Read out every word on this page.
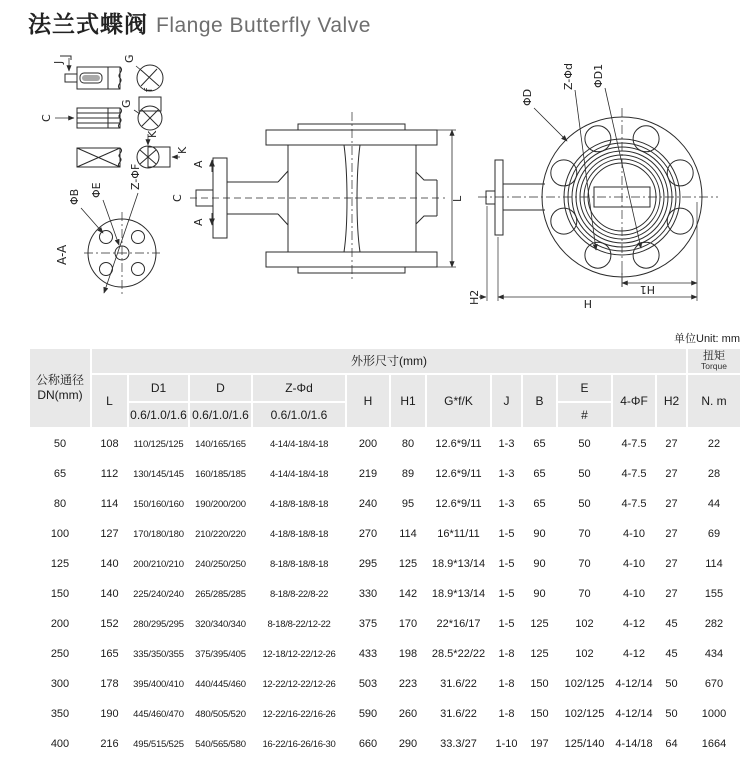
法兰式蝶阀 Flange Butterfly Valve
J	G
C
G
f
K
K
A-A
ΦB ΦE
Z-ΦF	A
A
C	L
ΦD
Z-Φd ΦD1
H
H1
H2
单位Unit: mm
公称通径
DN(mm)	外形尺寸(mm)												扭矩
Torque

	L	D1	D	Z-Φd	H	H1	G*f/K	J	B	E	4-ΦF	H2	N. m
		0.6/1.0/1.6	0.6/1.0/1.6	0.6/1.0/1.6						#			
50	108	110/125/125	140/165/165	4-14/4-18/4-18	200	80	12.6*9/11	1-3	65	50	4-7.5	27	22
65	112	130/145/145	160/185/185	4-14/4-18/4-18	219	89	12.6*9/11	1-3	65	50	4-7.5	27	28
80	114	150/160/160	190/200/200	4-18/8-18/8-18	240	95	12.6*9/11	1-3	65	50	4-7.5	27	44
100	127	170/180/180	210/220/220	4-18/8-18/8-18	270	114	16*11/11	1-5	90	70	4-10	27	69
125	140	200/210/210	240/250/250	8-18/8-18/8-18	295	125	18.9*13/14	1-5	90	70	4-10	27	114
150	140	225/240/240	265/285/285	8-18/8-22/8-22	330	142	18.9*13/14	1-5	90	70	4-10	27	155
200	152	280/295/295	320/340/340	8-18/8-22/12-22	375	170	22*16/17	1-5	125	102	4-12	45	282
250	165	335/350/355	375/395/405	12-18/12-22/12-26	433	198	28.5*22/22	1-8	125	102	4-12	45	434
300	178	395/400/410	440/445/460	12-22/12-22/12-26	503	223	31.6/22	1-8	150	102/125	4-12/14	50	670
350	190	445/460/470	480/505/520	12-22/16-22/16-26	590	260	31.6/22	1-8	150	102/125	4-12/14	50	1000
400	216	495/515/525	540/565/580	16-22/16-26/16-30	660	290	33.3/27	1-10	197	125/140	4-14/18	64	1664
